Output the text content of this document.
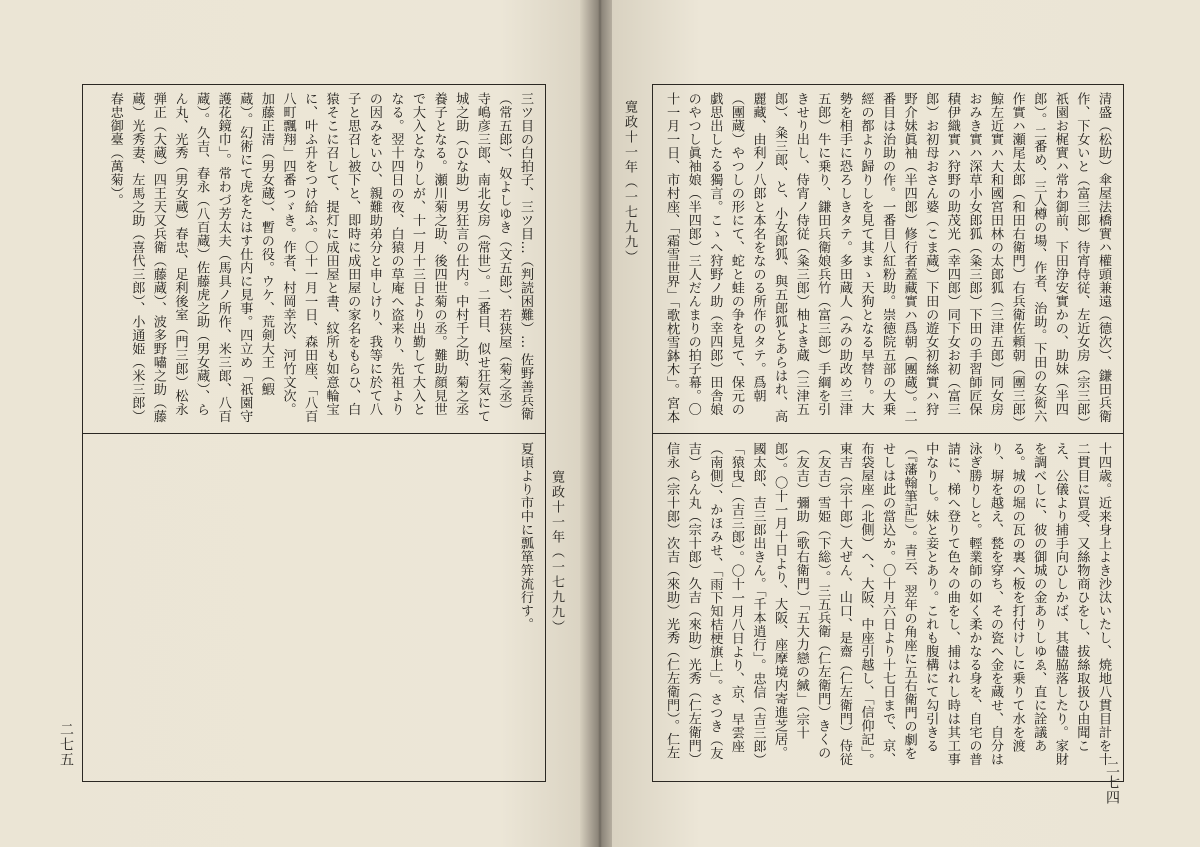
寛政十一年（一七九九）
二七五
三ツ目の白拍子、三ツ目…（判読困難）… 佐野善兵衛（常五郎）、奴よしゆき（文五郎）、若狭屋（菊之丞）寺嶋彦三郎、南北女房（常世）。二番目、似せ狂気にて城之助（ひな助）男狂言の仕内。中村千之助、菊之丞養子となる。瀬川菊之助、後四世菊の丞。難助顔見世で大入となりしが、十一月十三日より出勤して大入となる。翌十四日の夜、白猿の草庵へ盗来り、先祖よりの因みをいひ、親難助弟分と申しけり、我等に於て八子と思召し被下と、即時に成田屋の家名をもらひ、白猿そこに召して、提灯に成田屋と書、紋所も如意輪宝に、叶ふ升をつけ給ふ。〇十一月一日、森田座、「八百八町飄翔」四番つゞき。作者、村岡幸次、河竹文次。加藤正清（男女蔵）、暫の役。ウケ、荒剣大王（鰕蔵）。幻術にて虎をたはす仕内に見事。四立め「祇園守護花鏡巾」。常わづ芳太夫（馬具ノ所作、米三郎、八百蔵）。久吉、春永（八百蔵）佐藤虎之助（男女蔵）、らん丸、光秀（男女蔵）春忠、足利後室（門三郎）松永弾正（大蔵）四王天又兵衛（藤蔵）、波多野嘯之助（藤蔵）光秀妻、左馬之助（喜代三郎）、小通姫（米三郎）春忠御臺（萬菊）。
夏頃より市中に瓢箪笄流行す。
寛政十一年（一七九九）
二七四
清盛（松助）傘屋法橋實ハ權頭兼遠（德次）、鎌田兵衛作、下女いと（富三郎）待宵侍従、左近女房（宗三郎）祇園お梶實ハ常わ御前、下田浄安實かの、助妹（半四郎）。二番め、三人樽の場、作者、治助。下田の女衒六作實ハ瀬尾太郎（和田右衛門）右兵衛佐頼朝（團三郎）鯨左近實ハ大和國宮田林の太郎狐（三津五郎）同女房おみき實ハ深草小女郎狐（粂三郎）下田の手習師匠保積伊織實ハ狩野の助茂光（幸四郎）同下女お初（富三郎）お初母おさん婆（こま蔵）下田の遊女初絲實ハ狩野介妹眞袖（半四郎）修行者蓋藏實ハ爲朝（團蔵）。二番目は治助の作。一番目八紅粉助。崇徳院五部の大乗經の都より歸りしを見て其まゝ天狗となる早替り。大勢を相手に恐ろしきタテ。多田蔵人（みの助改め三津五郎）牛に乗り、鎌田兵衛娘兵竹（富三郎）手綱を引きせり出し、侍宵ノ侍従（粂三郎）柚よき蔵（三津五郎）、粂三郎、と、小女郎狐、與五郎狐とあらはれ、高麗藏、由利ノ八郎と本名をなのる所作のタテ。爲朝（團蔵）やつしの形にて、蛇と蛙の争を見て、保元の戯思出したる獨言。こゝへ狩野ノ助（幸四郎）田舎娘のやつし眞袖娘（半四郎）三人だんまりの拍子幕。〇十一月一日、市村座、「霜雪世界」「歌枕雪鉢木」。宮本
十四歳。近来身上よき沙汰いたし、焼地八貫目計を十二貫目に買受、又絲物商ひをし、拔絲取扱ひ由聞こえ、公儀より捕手向ひしかば、其儘脇落したり。家財を調べしに、彼の御城の金ありしゆゑ、直に詮議ある。城の堀の瓦の裏へ板を打付けしに乗りて水を渡り、塀を越え、甃を穿ち、その瓷へ金を蔵せ、自分は泳ぎ勝りしと。輕業師の如く柔かなる身を、自宅の普請に、梯へ登りて色々の曲をし、捕はれし時は其工事中なりし。妹と妾とあり。これも腹構にて勾引きる（『藩翰筆記』）。青云、翌年の角座に五右衛門の劇をせしは此の當込か。〇十月六日より十七日まで、京、布袋屋座（北側）へ、大阪、中座引越し、「信仰記」。東吉（宗十郎）大ぜん、山口、是齋（仁左衛門）侍従（友吉）雪姫（下総）。三五兵衛（仁左衛門）きくの（友吉）彌助（歌右衛門）「五大力戀の緘」（宗十郎）。〇十一月十日より、大阪、座摩境内寄進芝居。國太郎、吉三郎出きん。「千本逍行」。忠信（吉三郎）「猿曳」（吉三郎）。〇十一月八日より、京、早雲座（南側）、かほみせ、「雨下知桔梗旗上」。さつき（友吉）らん丸（宗十郎）久吉（來助）光秀（仁左衛門）信永（宗十郎）次吉（來助）光秀（仁左衛門）。仁左
